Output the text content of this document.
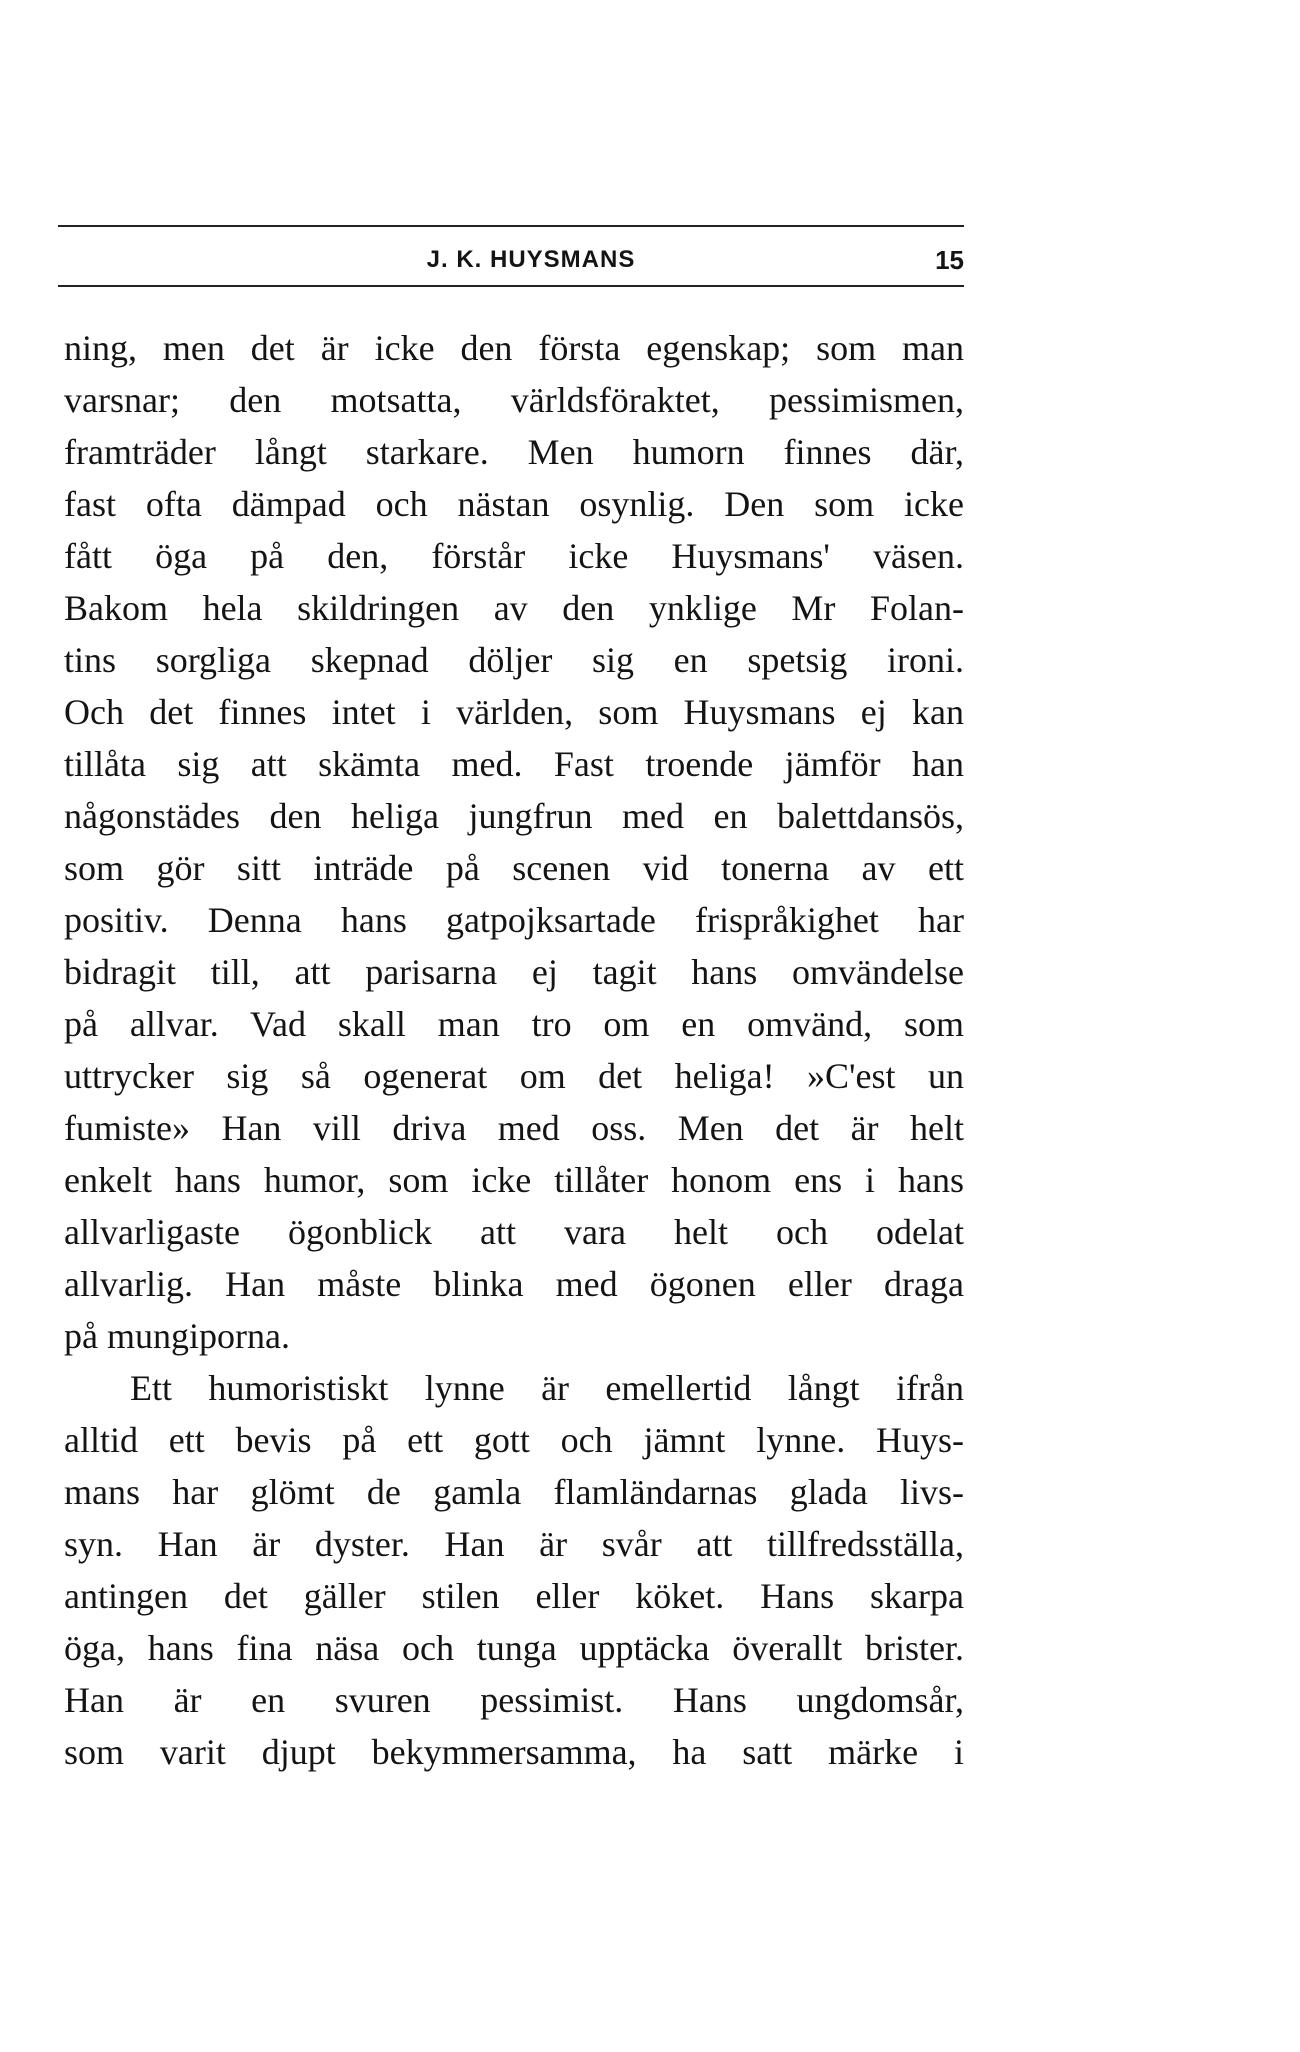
J. K. HUYSMANS	15
ning, men det är icke den första egenskap; som man
varsnar; den motsatta, världsföraktet, pessimismen,
framträder långt starkare. Men humorn finnes där,
fast ofta dämpad och nästan osynlig. Den som icke
fått öga på den, förstår icke Huysmans' väsen.
Bakom hela skildringen av den ynklige Mr Folan-
tins sorgliga skepnad döljer sig en spetsig ironi.
Och det finnes intet i världen, som Huysmans ej kan
tillåta sig att skämta med. Fast troende jämför han
någonstädes den heliga jungfrun med en balettdansös,
som gör sitt inträde på scenen vid tonerna av ett
positiv. Denna hans gatpojksartade frispråkighet har
bidragit till, att parisarna ej tagit hans omvändelse
på allvar. Vad skall man tro om en omvänd, som
uttrycker sig så ogenerat om det heliga! »C'est un
fumiste» Han vill driva med oss. Men det är helt
enkelt hans humor, som icke tillåter honom ens i hans
allvarligaste ögonblick att vara helt och odelat
allvarlig. Han måste blinka med ögonen eller draga
på mungiporna.
Ett humoristiskt lynne är emellertid långt ifrån
alltid ett bevis på ett gott och jämnt lynne. Huys-
mans har glömt de gamla flamländarnas glada livs-
syn. Han är dyster. Han är svår att tillfredsställa,
antingen det gäller stilen eller köket. Hans skarpa
öga, hans fina näsa och tunga upptäcka överallt brister.
Han är en svuren pessimist. Hans ungdomsår,
som varit djupt bekymmersamma, ha satt märke i
